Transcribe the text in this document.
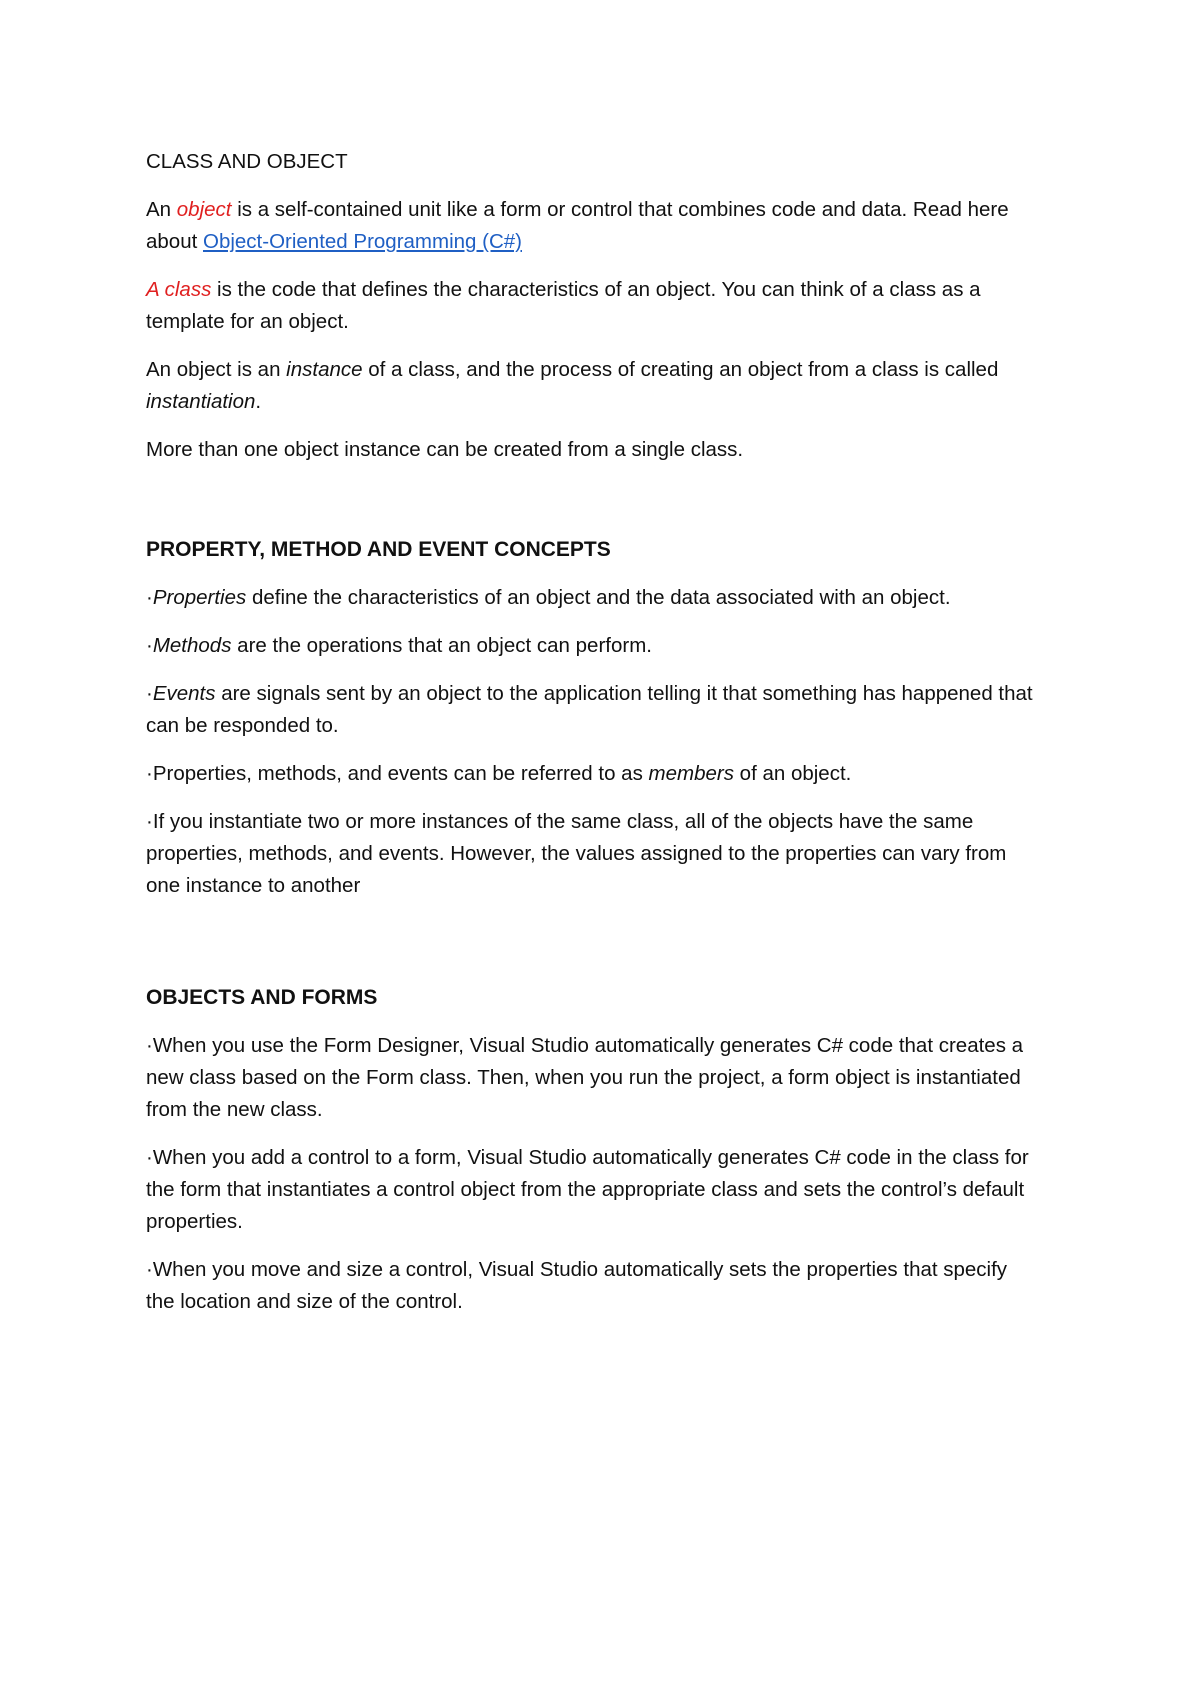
CLASS AND OBJECT

An object is a self-contained unit like a form or control that combines code and data. Read here about Object-Oriented Programming (C#)

A class is the code that defines the characteristics of an object. You can think of a class as a template for an object.

An object is an instance of a class, and the process of creating an object from a class is called instantiation.

More than one object instance can be created from a single class.

PROPERTY, METHOD AND EVENT CONCEPTS

·Properties define the characteristics of an object and the data associated with an object.

·Methods are the operations that an object can perform.

·Events are signals sent by an object to the application telling it that something has happened that can be responded to.

·Properties, methods, and events can be referred to as members of an object.

·If you instantiate two or more instances of the same class, all of the objects have the same properties, methods, and events. However, the values assigned to the properties can vary from one instance to another

OBJECTS AND FORMS

·When you use the Form Designer, Visual Studio automatically generates C# code that creates a new class based on the Form class. Then, when you run the project, a form object is instantiated from the new class.

·When you add a control to a form, Visual Studio automatically generates C# code in the class for the form that instantiates a control object from the appropriate class and sets the control’s default properties.

·When you move and size a control, Visual Studio automatically sets the properties that specify the location and size of the control.
